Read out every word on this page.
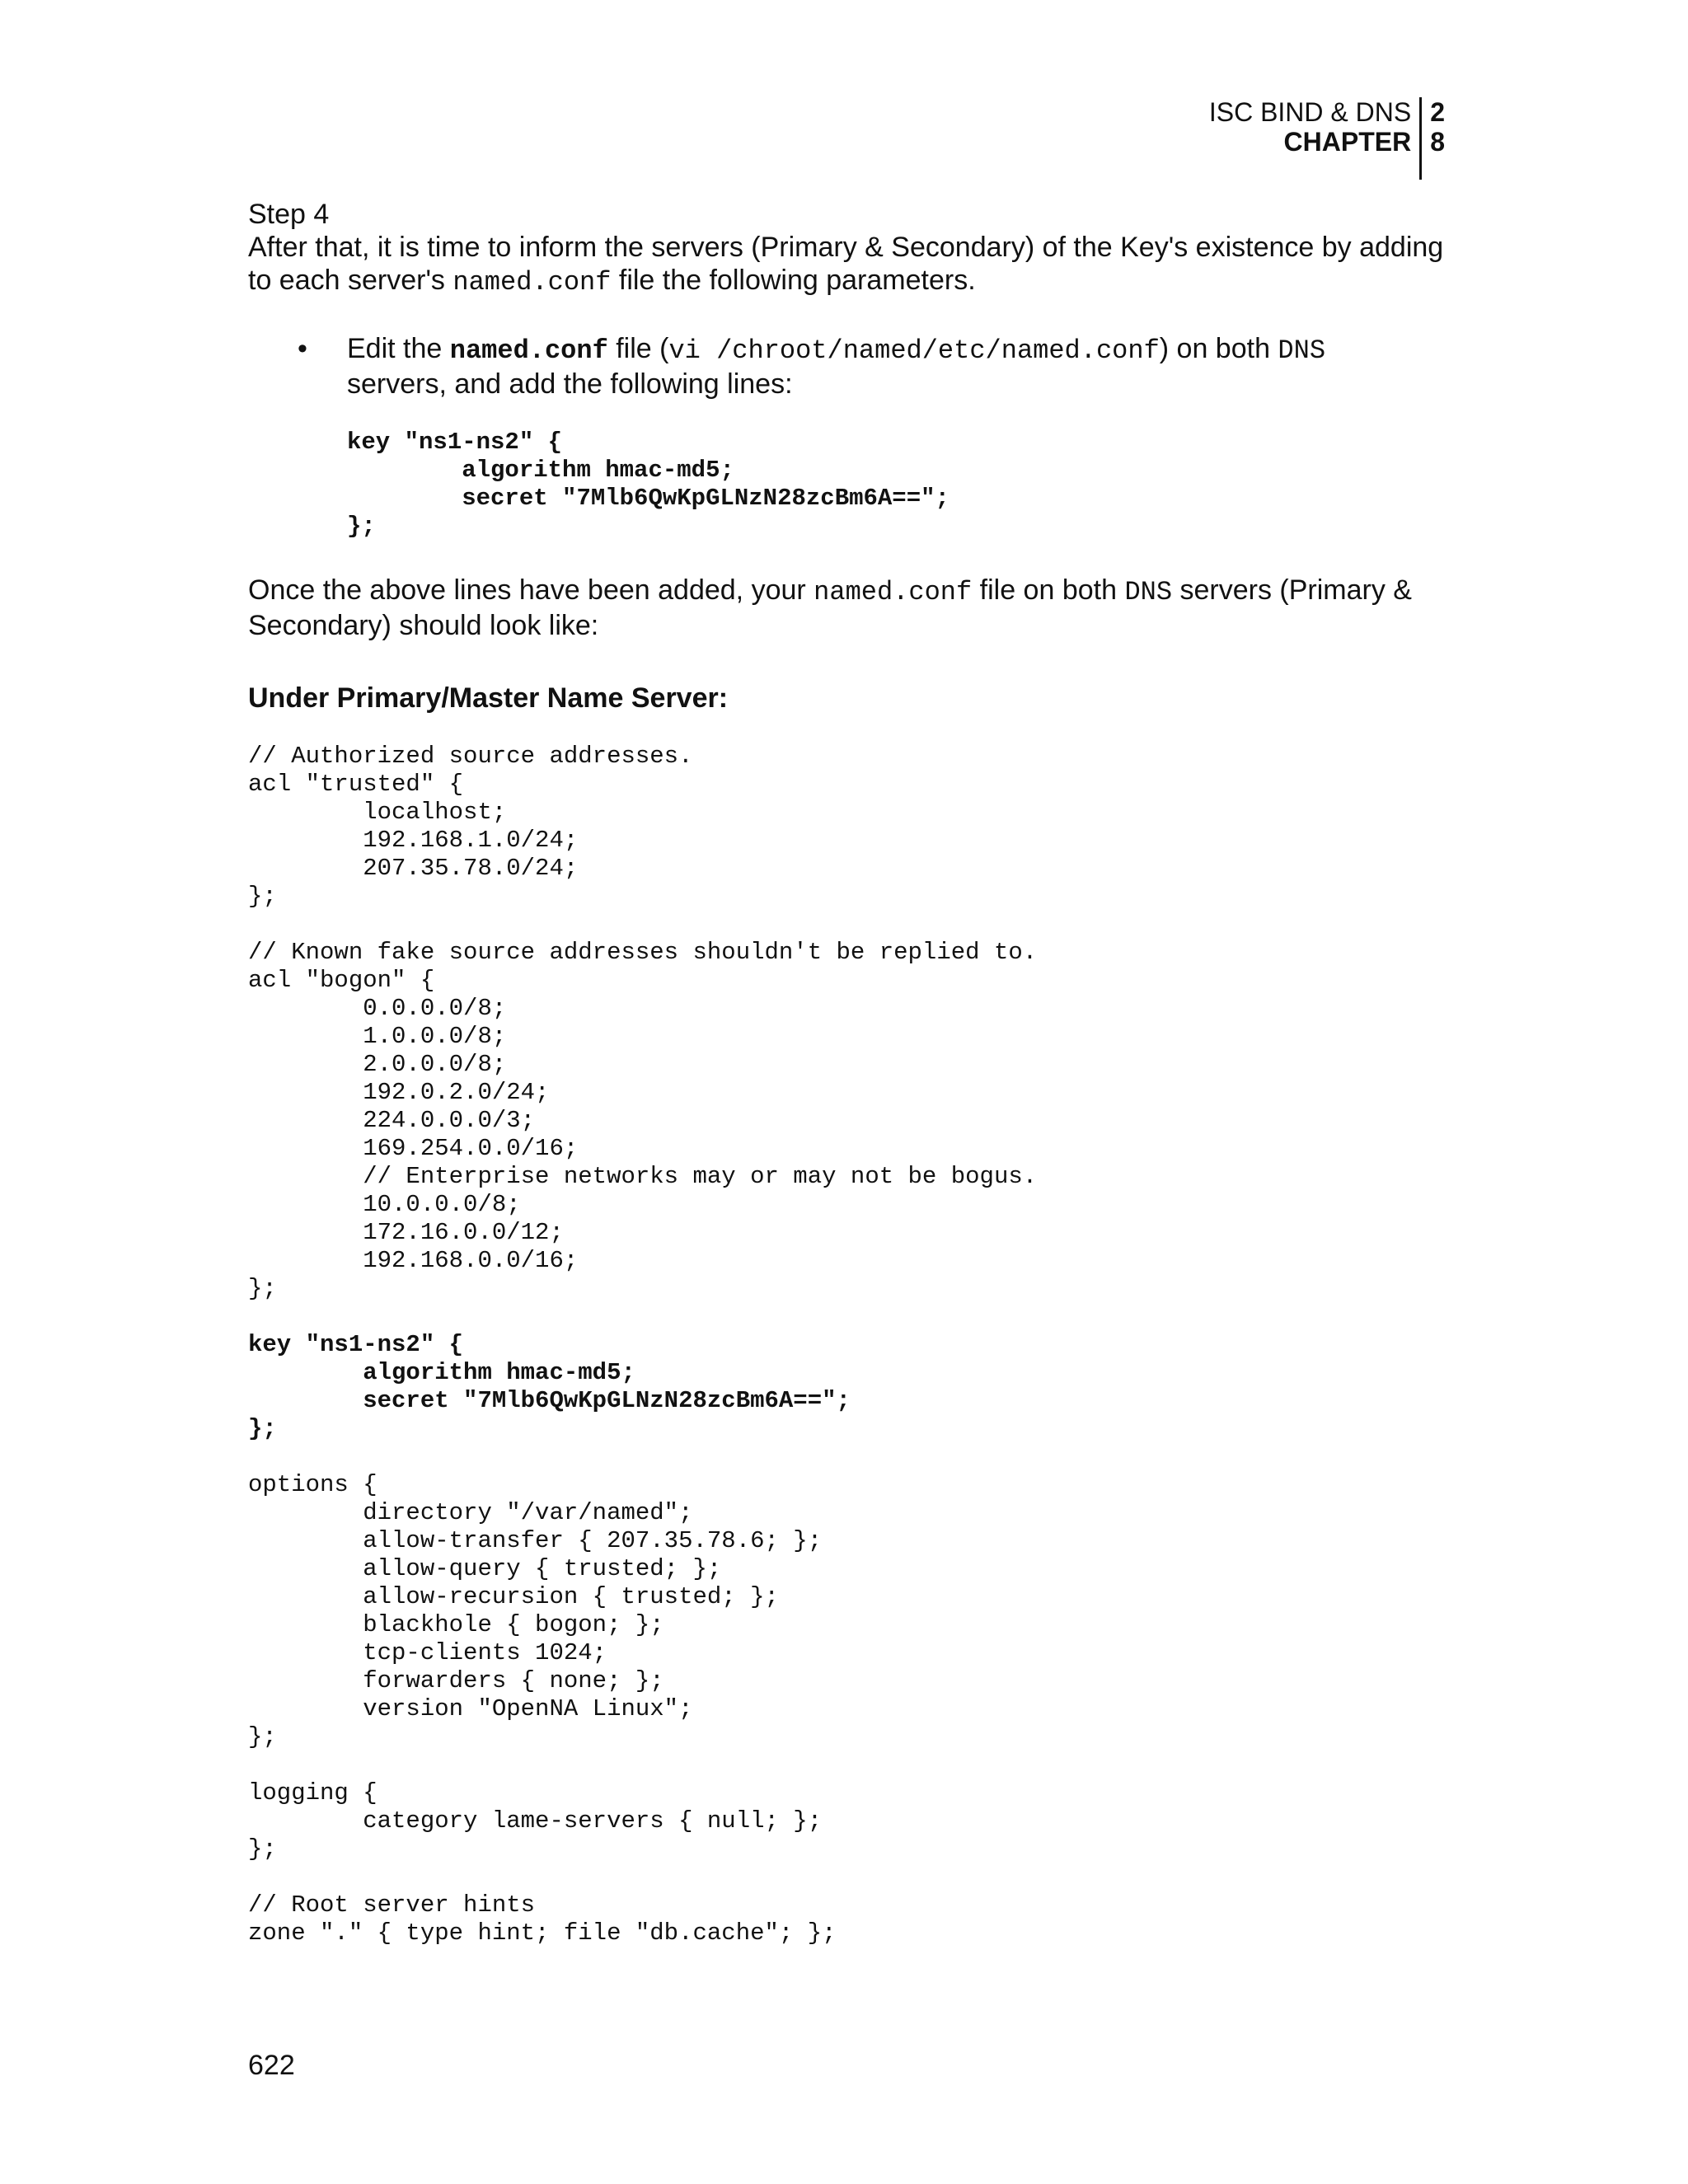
ISC BIND & DNS
CHAPTER
2
8

Step 4

After that, it is time to inform the servers (Primary & Secondary) of the Key's existence by adding to each server's named.conf file the following parameters.

•	Edit the named.conf file (vi /chroot/named/etc/named.conf) on both DNS servers, and add the following lines:

key "ns1-ns2" {
algorithm hmac-md5;
secret "7Mlb6QwKpGLNzN28zcBm6A==";
};

Once the above lines have been added, your named.conf file on both DNS servers (Primary & Secondary) should look like:

Under Primary/Master Name Server:

// Authorized source addresses.
acl "trusted" {
localhost;
192.168.1.0/24;
207.35.78.0/24;
};

// Known fake source addresses shouldn't be replied to.
acl "bogon" {
0.0.0.0/8;
1.0.0.0/8;
2.0.0.0/8;
192.0.2.0/24;
224.0.0.0/3;
169.254.0.0/16;
// Enterprise networks may or may not be bogus.
10.0.0.0/8;
172.16.0.0/12;
192.168.0.0/16;
};
key "ns1-ns2" {
algorithm hmac-md5;
secret "7Mlb6QwKpGLNzN28zcBm6A==";
};
options {
directory "/var/named";
allow-transfer { 207.35.78.6; };
allow-query { trusted; };
allow-recursion { trusted; };
blackhole { bogon; };
tcp-clients 1024;
forwarders { none; };
version "OpenNA Linux";
};

logging {
category lame-servers { null; };
};

// Root server hints
zone "." { type hint; file "db.cache"; };
622
